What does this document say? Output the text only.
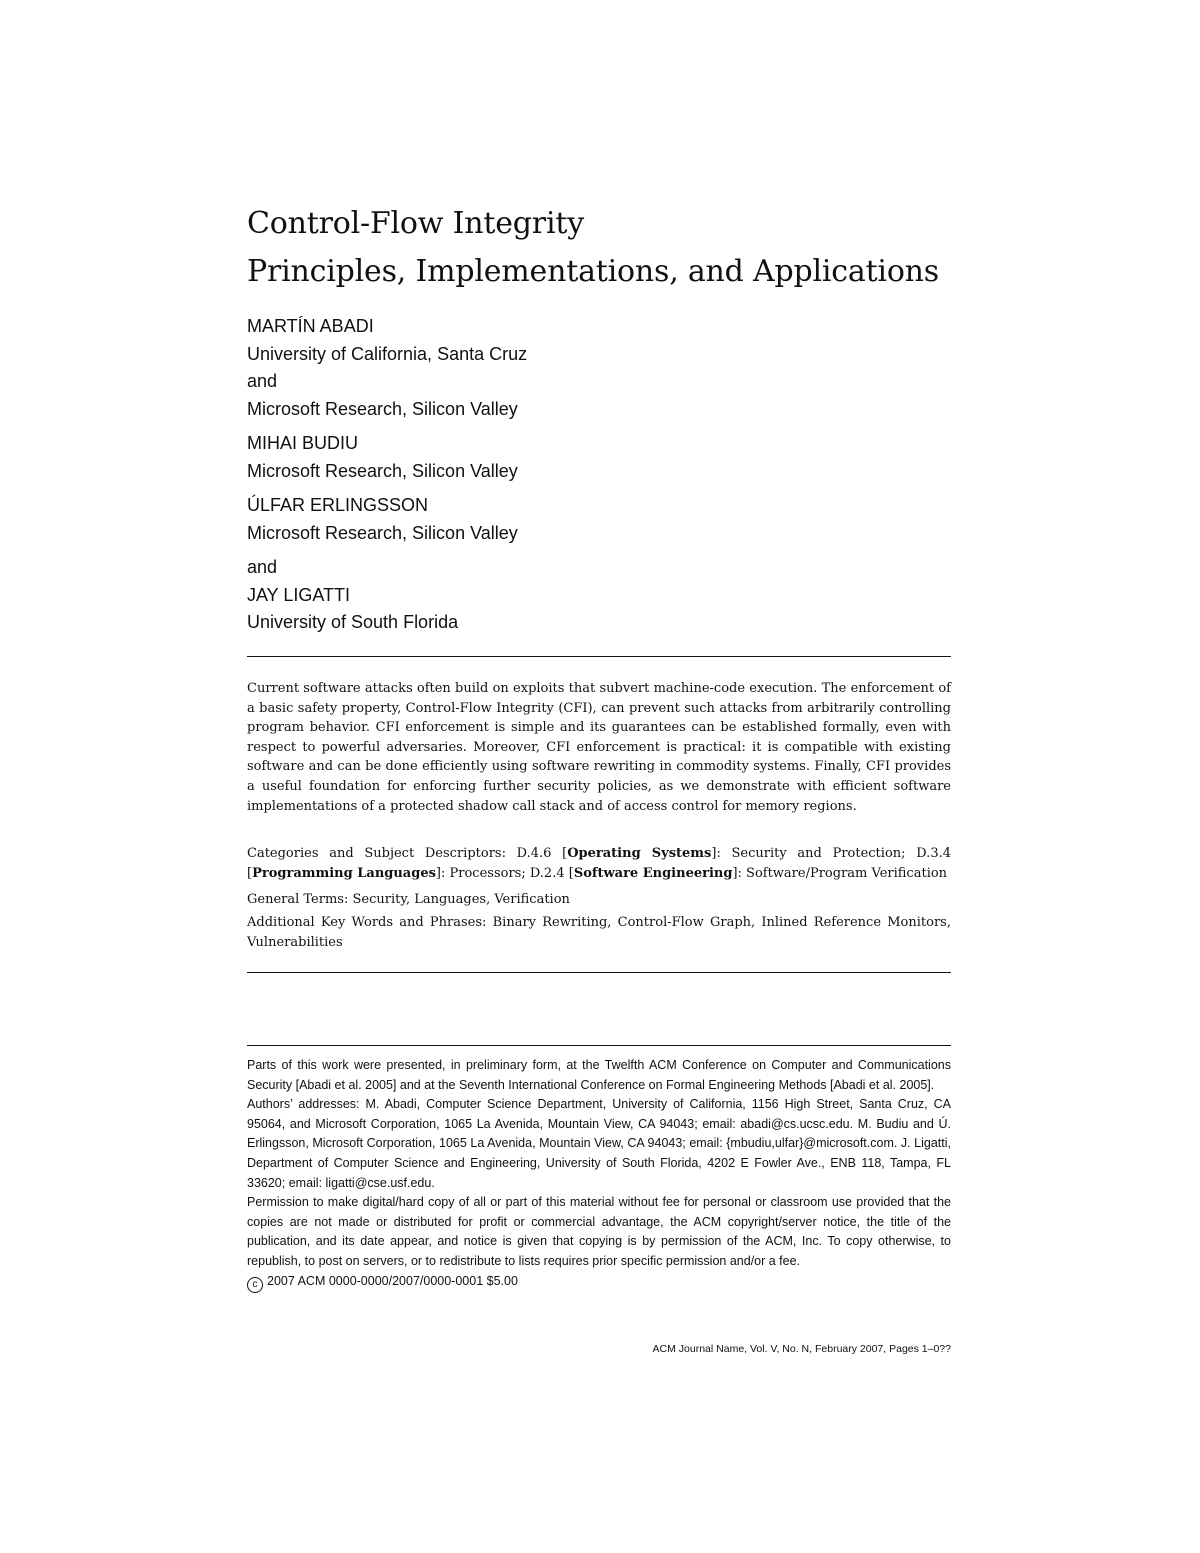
Control-Flow Integrity
Principles, Implementations, and Applications
MARTÍN ABADI
University of California, Santa Cruz
and
Microsoft Research, Silicon Valley
MIHAI BUDIU
Microsoft Research, Silicon Valley
ÚLFAR ERLINGSSON
Microsoft Research, Silicon Valley
and
JAY LIGATTI
University of South Florida

Current software attacks often build on exploits that subvert machine-code execution. The enforcement of a basic safety property, Control-Flow Integrity (CFI), can prevent such attacks from arbitrarily controlling program behavior. CFI enforcement is simple and its guarantees can be established formally, even with respect to powerful adversaries. Moreover, CFI enforcement is practical: it is compatible with existing software and can be done efficiently using software rewriting in commodity systems. Finally, CFI provides a useful foundation for enforcing further security policies, as we demonstrate with efficient software implementations of a protected shadow call stack and of access control for memory regions.

Categories and Subject Descriptors: D.4.6 [Operating Systems]: Security and Protection; D.3.4 [Programming Languages]: Processors; D.2.4 [Software Engineering]: Software/Program Verification

General Terms: Security, Languages, Verification

Additional Key Words and Phrases: Binary Rewriting, Control-Flow Graph, Inlined Reference Monitors, Vulnerabilities

Parts of this work were presented, in preliminary form, at the Twelfth ACM Conference on Computer and Communications Security [Abadi et al. 2005] and at the Seventh International Conference on Formal Engineering Methods [Abadi et al. 2005].

Authors’ addresses: M. Abadi, Computer Science Department, University of California, 1156 High Street, Santa Cruz, CA 95064, and Microsoft Corporation, 1065 La Avenida, Mountain View, CA 94043; email: abadi@cs.ucsc.edu. M. Budiu and Ú. Erlingsson, Microsoft Corporation, 1065 La Avenida, Mountain View, CA 94043; email: {mbudiu,ulfar}@microsoft.com. J. Ligatti, Department of Computer Science and Engineering, University of South Florida, 4202 E Fowler Ave., ENB 118, Tampa, FL 33620; email: ligatti@cse.usf.edu.

Permission to make digital/hard copy of all or part of this material without fee for personal or classroom use provided that the copies are not made or distributed for profit or commercial advantage, the ACM copyright/server notice, the title of the publication, and its date appear, and notice is given that copying is by permission of the ACM, Inc. To copy otherwise, to republish, to post on servers, or to redistribute to lists requires prior specific permission and/or a fee.

c 2007 ACM 0000-0000/2007/0000-0001 $5.00

ACM Journal Name, Vol. V, No. N, February 2007, Pages 1–0??
